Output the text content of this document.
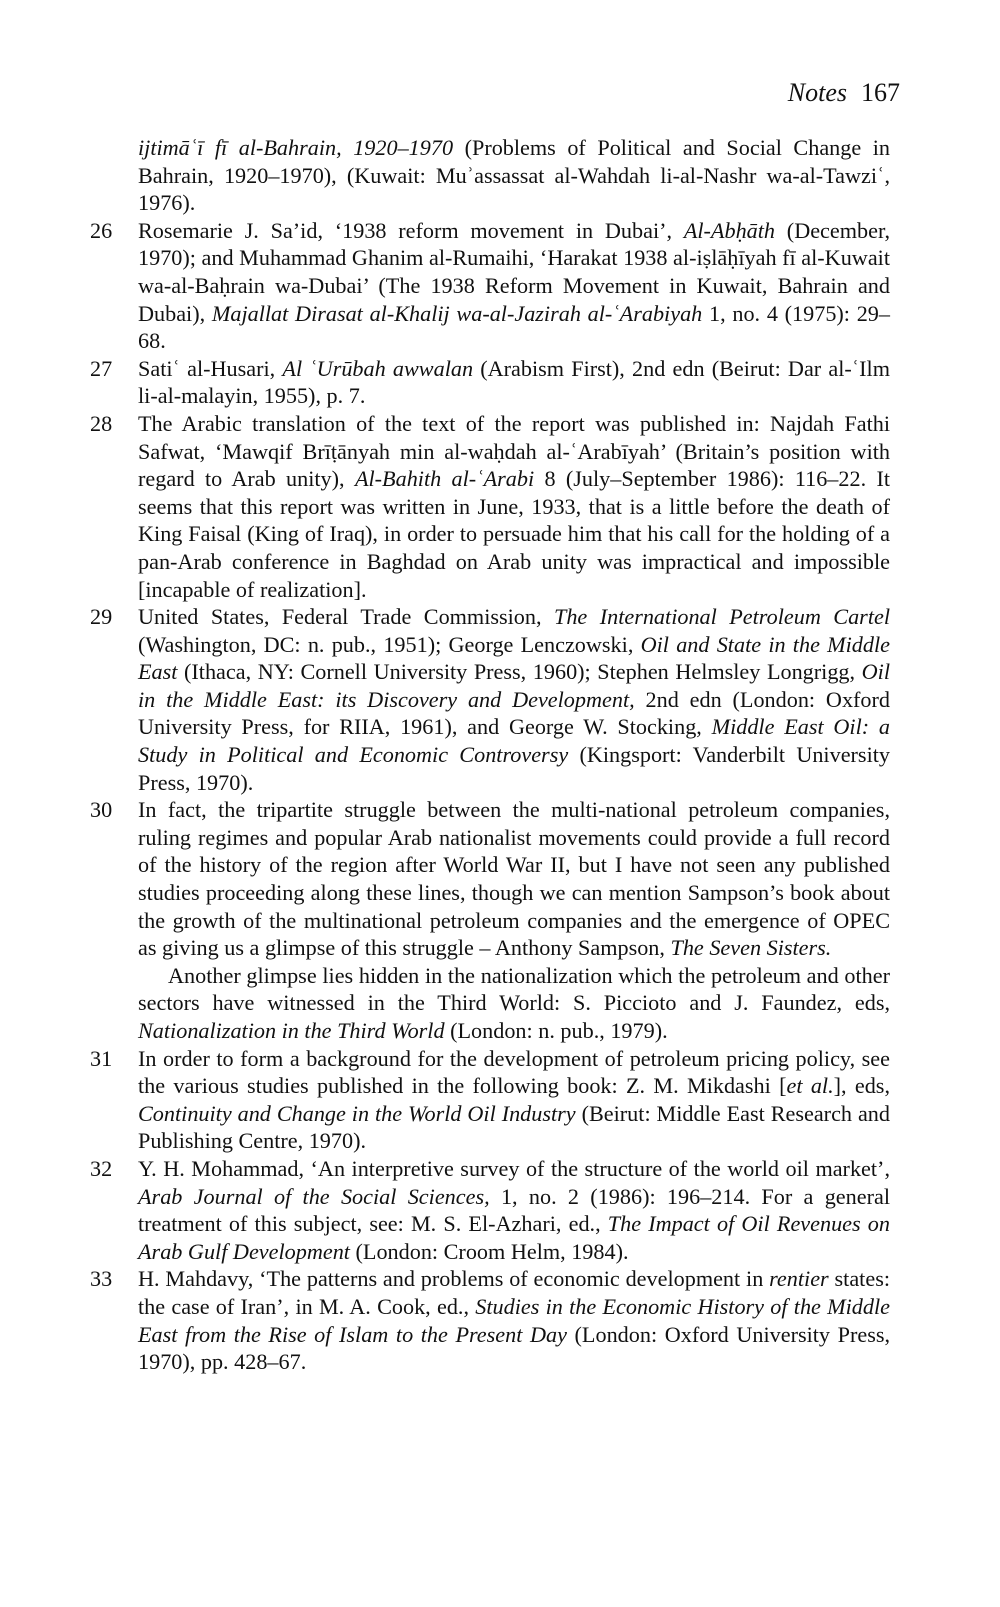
Notes 167
ijtimāʿī fī al-Bahrain, 1920–1970 (Problems of Political and Social Change in Bahrain, 1920–1970), (Kuwait: Muʾassassat al-Wahdah li-al-Nashr wa-al-Tawziʿ, 1976).
26	Rosemarie J. Sa’id, ‘1938 reform movement in Dubai’, Al-Abḥāth (December, 1970); and Muhammad Ghanim al-Rumaihi, ‘Harakat 1938 al-iṣlāḥīyah fī al-Kuwait wa-al-Baḥrain wa-Dubai’ (The 1938 Reform Movement in Kuwait, Bahrain and Dubai), Majallat Dirasat al-Khalij wa-al-Jazirah al-ʿArabiyah 1, no. 4 (1975): 29–68.

27	Satiʿ al-Husari, Al ʿUrūbah awwalan (Arabism First), 2nd edn (Beirut: Dar al-ʿIlm li-al-malayin, 1955), p. 7.

28	The Arabic translation of the text of the report was published in: Najdah Fathi Safwat, ‘Mawqif Brīṭānyah min al-waḥdah al-ʿArabīyah’ (Britain’s position with regard to Arab unity), Al-Bahith al-ʿArabi 8 (July–September 1986): 116–22. It seems that this report was written in June, 1933, that is a little before the death of King Faisal (King of Iraq), in order to persuade him that his call for the holding of a pan-Arab conference in Baghdad on Arab unity was impractical and impossible [incapable of realization].

29	United States, Federal Trade Commission, The International Petroleum Cartel (Washington, DC: n. pub., 1951); George Lenczowski, Oil and State in the Middle East (Ithaca, NY: Cornell University Press, 1960); Stephen Helmsley Longrigg, Oil in the Middle East: its Discovery and Development, 2nd edn (London: Oxford University Press, for RIIA, 1961), and George W. Stocking, Middle East Oil: a Study in Political and Economic Controversy (Kingsport: Vanderbilt University Press, 1970).

30	In fact, the tripartite struggle between the multi-national petroleum companies, ruling regimes and popular Arab nationalist movements could provide a full record of the history of the region after World War II, but I have not seen any published studies proceeding along these lines, though we can mention Sampson’s book about the growth of the multinational petroleum companies and the emergence of OPEC as giving us a glimpse of this struggle – Anthony Sampson, The Seven Sisters.

Another glimpse lies hidden in the nationalization which the petroleum and other sectors have witnessed in the Third World: S. Piccioto and J. Faundez, eds, Nationalization in the Third World (London: n. pub., 1979).

31	In order to form a background for the development of petroleum pricing policy, see the various studies published in the following book: Z. M. Mikdashi [et al.], eds, Continuity and Change in the World Oil Industry (Beirut: Middle East Research and Publishing Centre, 1970).

32	Y. H. Mohammad, ‘An interpretive survey of the structure of the world oil market’, Arab Journal of the Social Sciences, 1, no. 2 (1986): 196–214. For a general treatment of this subject, see: M. S. El-Azhari, ed., The Impact of Oil Revenues on Arab Gulf Development (London: Croom Helm, 1984).

33	H. Mahdavy, ‘The patterns and problems of economic development in rentier states: the case of Iran’, in M. A. Cook, ed., Studies in the Economic History of the Middle East from the Rise of Islam to the Present Day (London: Oxford University Press, 1970), pp. 428–67.
